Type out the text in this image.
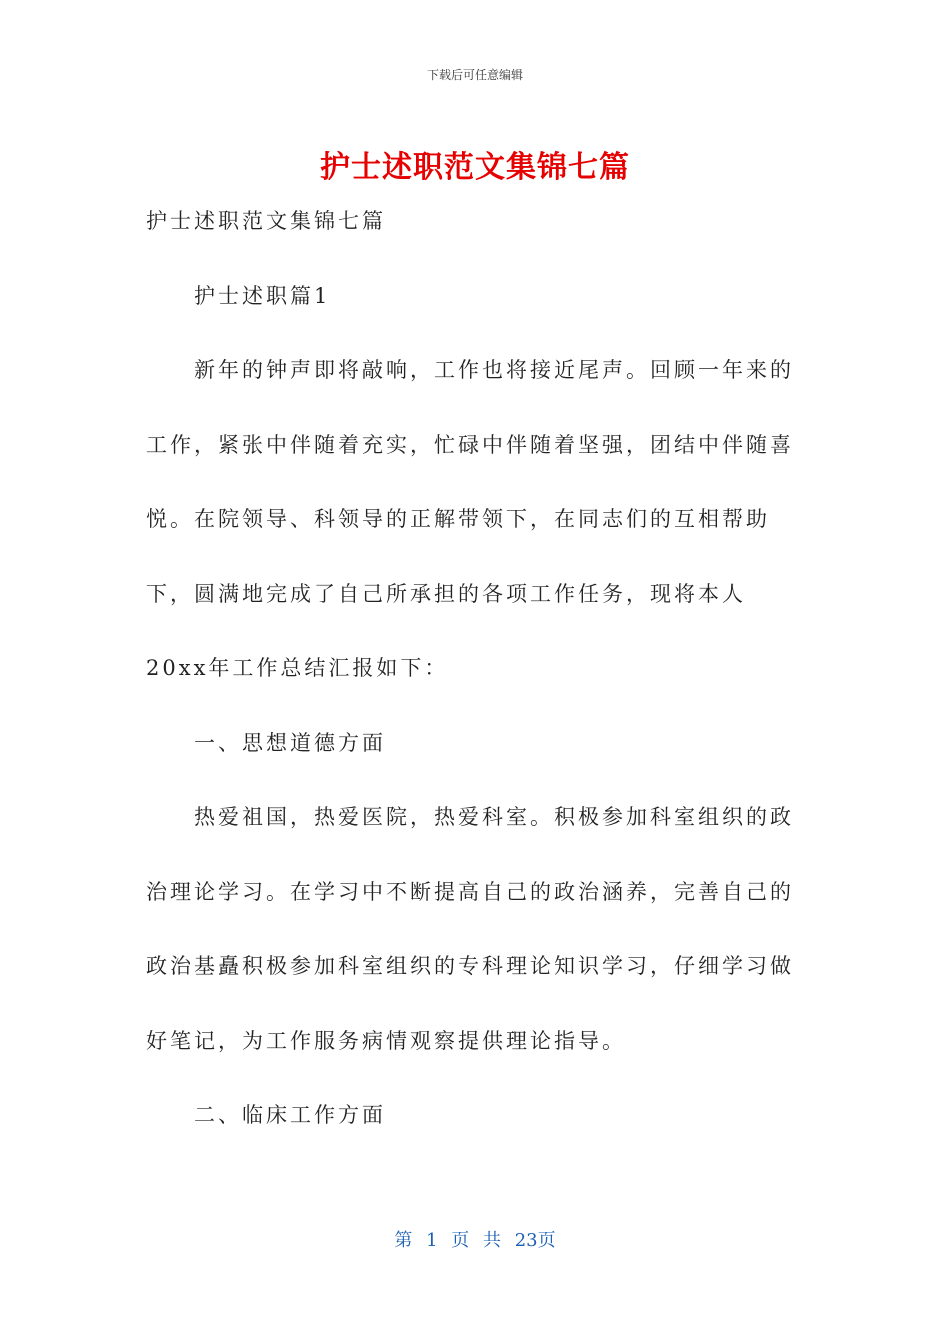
下载后可任意编辑
护士述职范文集锦七篇

护士述职范文集锦七篇

护士述职篇1

新年的钟声即将敲响，工作也将接近尾声。回顾一年来的工作，紧张中伴随着充实，忙碌中伴随着坚强，团结中伴随喜悦。在院领导、科领导的正解带领下，在同志们的互相帮助下，圆满地完成了自己所承担的各项工作任务，现将本人20xx年工作总结汇报如下：

一、思想道德方面

热爱祖国，热爱医院，热爱科室。积极参加科室组织的政治理论学习。在学习中不断提高自己的政治涵养，完善自己的政治基矗积极参加科室组织的专科理论知识学习，仔细学习做好笔记，为工作服务病情观察提供理论指导。

二、临床工作方面

第 1 页 共 23页
